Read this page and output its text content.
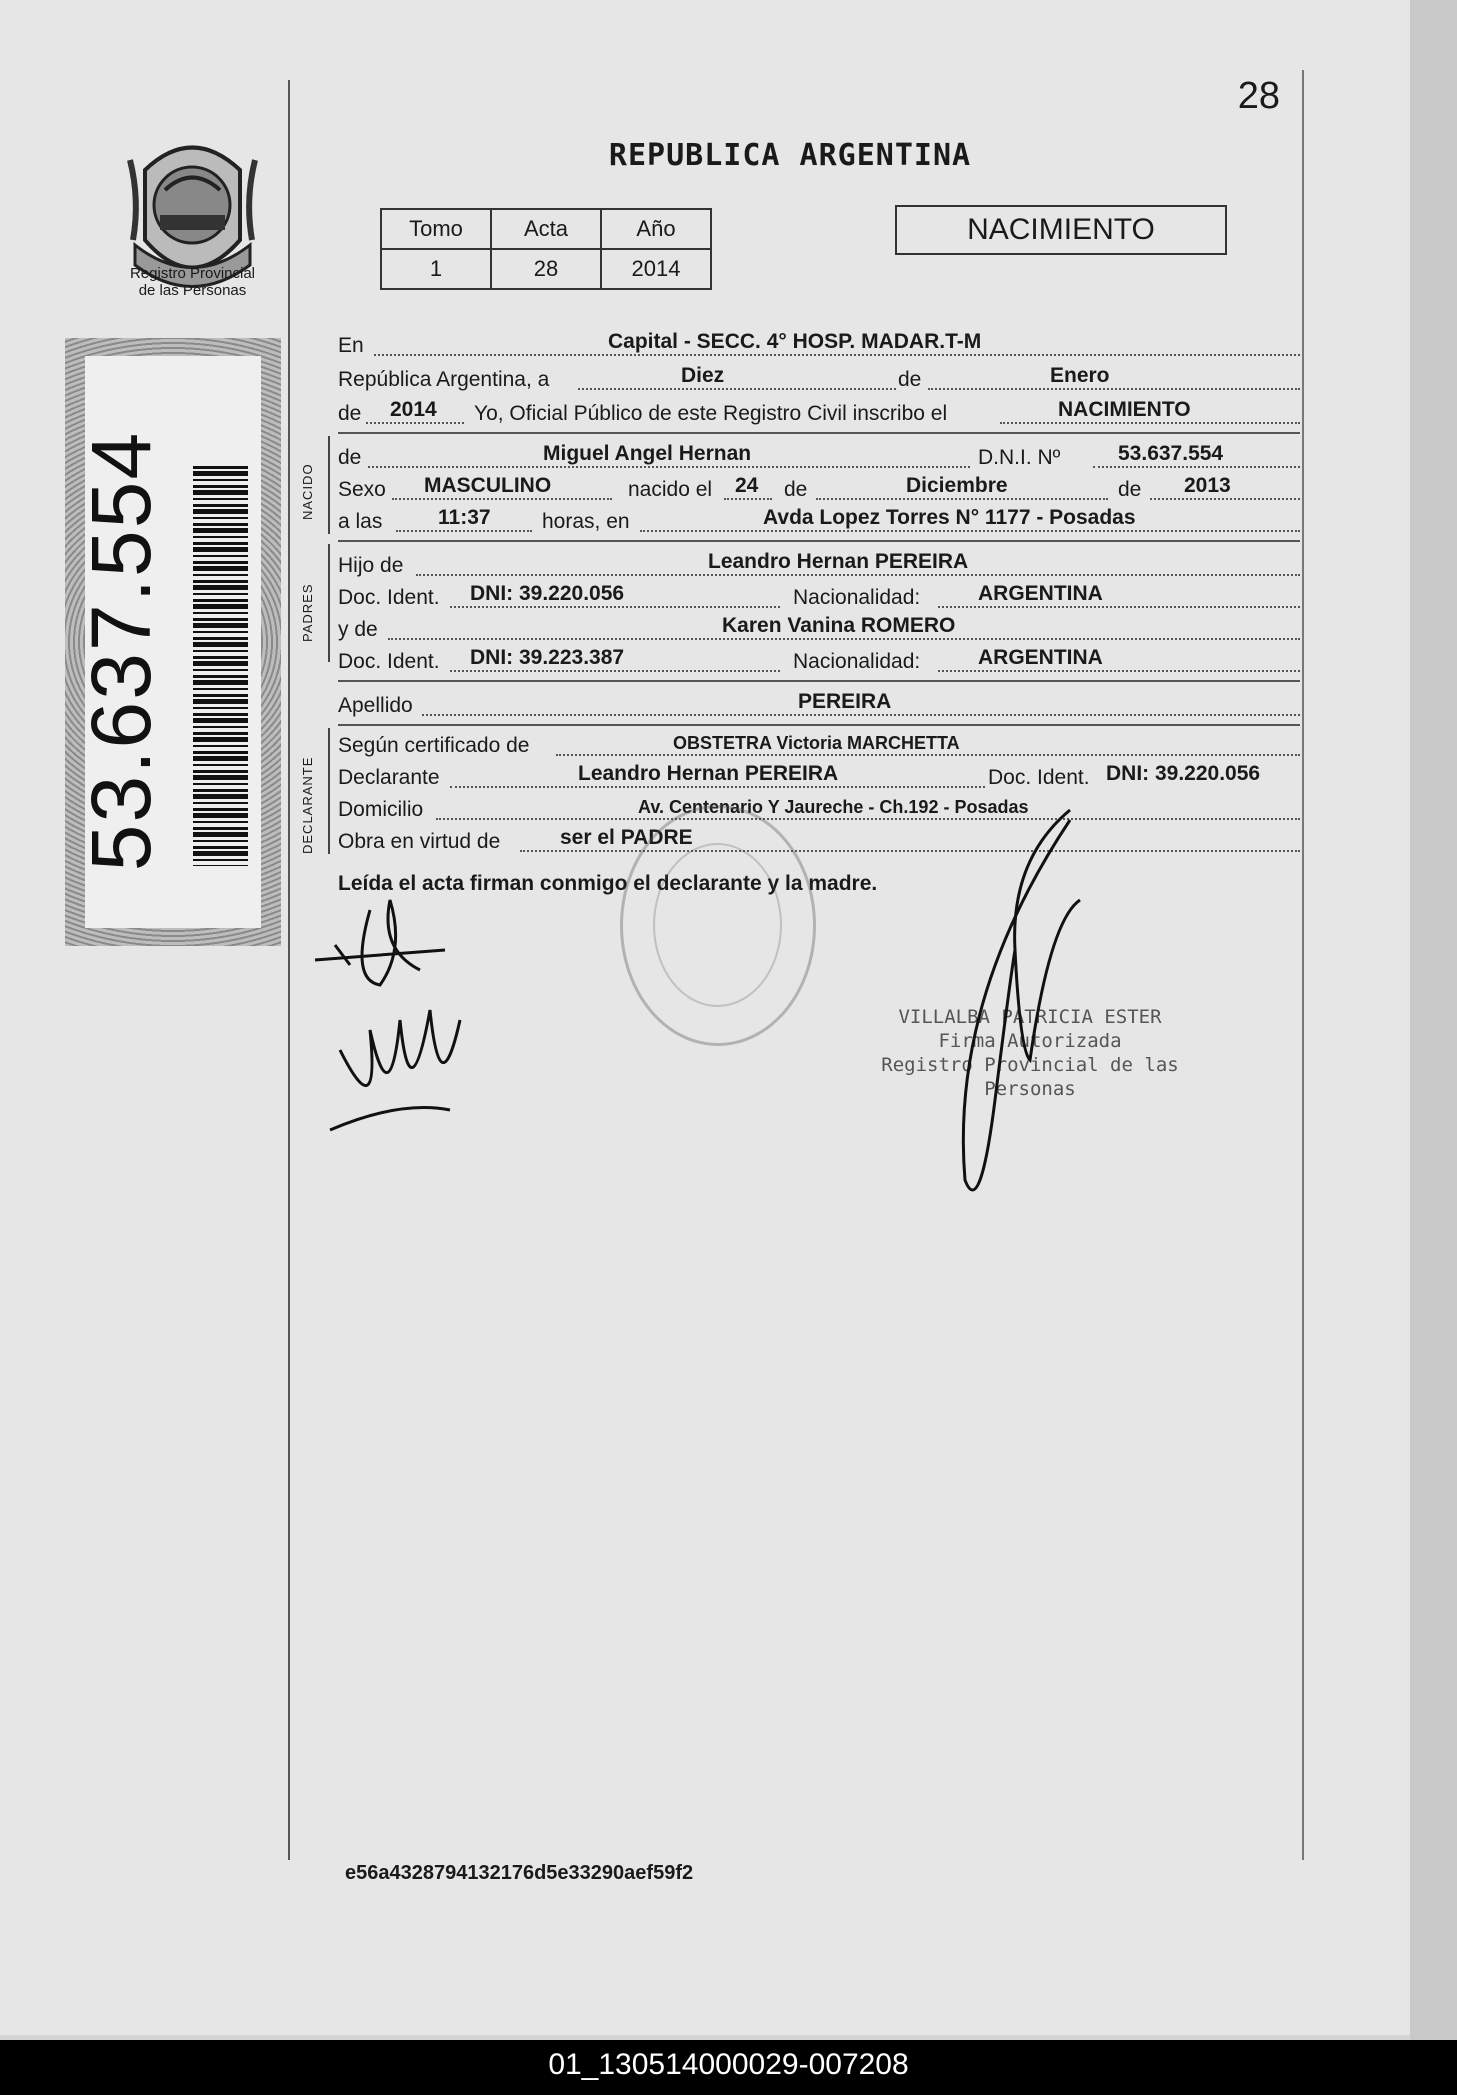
28
Registro Provincial
de las Personas
53.637.554
REPUBLICA ARGENTINA
Tomo	Acta	Año
1	28	2014
NACIMIENTO
En	Capital - SECC. 4° HOSP. MADAR.T-M
República Argentina, a	Diez	de	Enero
de 2014 Yo, Oficial Público de este Registro Civil inscribo el	NACIMIENTO
NACIDO
de	Miguel Angel Hernan	D.N.I. Nº	53.637.554
Sexo MASCULINO	nacido el 24 de	Diciembre	de 2013
a las	11:37 horas, en	Avda Lopez Torres N° 1177 - Posadas
PADRES
Hijo de	Leandro Hernan PEREIRA
Doc. Ident. DNI: 39.220.056	Nacionalidad:	ARGENTINA
y de	Karen Vanina ROMERO
Doc. Ident. DNI: 39.223.387	Nacionalidad:	ARGENTINA
Apellido	PEREIRA
DECLARANTE
Según certificado de	OBSTETRA Victoria MARCHETTA
Declarante	Leandro Hernan PEREIRA	Doc. Ident. DNI: 39.220.056
Domicilio	Av. Centenario Y Jaureche - Ch.192 - Posadas
Obra en virtud de	ser el PADRE
Leída el acta firman conmigo el declarante y la madre.
VILLALBA PATRICIA ESTER
Firma Autorizada
Registro Provincial de las Personas
e56a4328794132176d5e33290aef59f2
01_130514000029-007208
